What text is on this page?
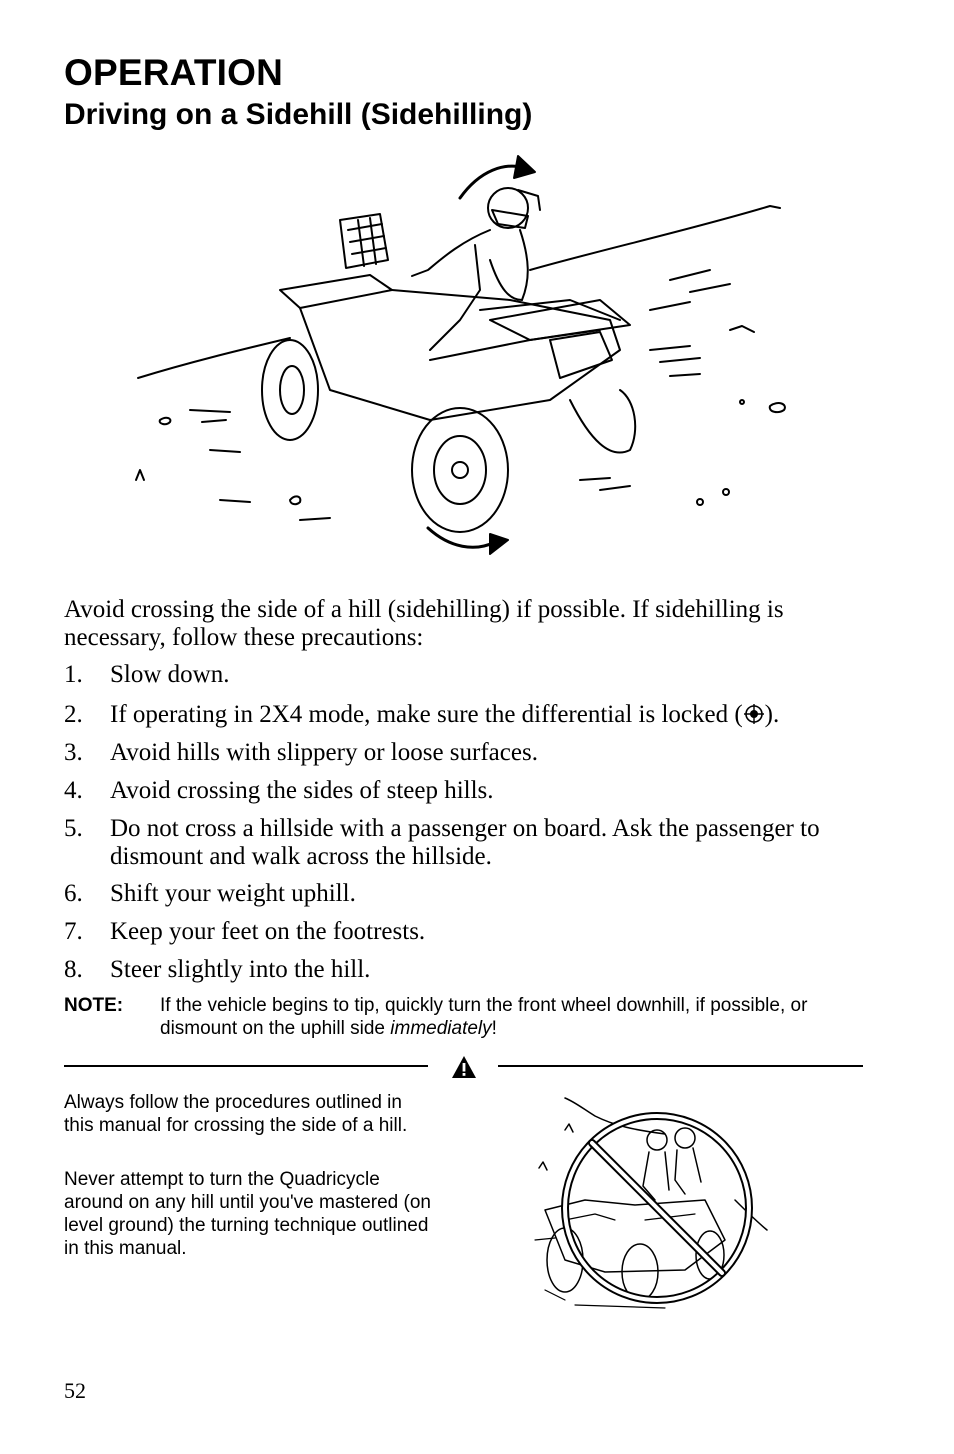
OPERATION
Driving on a Sidehill (Sidehilling)
Avoid crossing the side of a hill (sidehilling) if possible. If sidehilling is necessary, follow these precautions:
1. Slow down.
2. If operating in 2X4 mode, make sure the differential is locked ( ).
3. Avoid hills with slippery or loose surfaces.
4. Avoid crossing the sides of steep hills.
5. Do not cross a hillside with a passenger on board. Ask the passenger to dismount and walk across the hillside.
6. Shift your weight uphill.
7. Keep your feet on the footrests.
8. Steer slightly into the hill.
NOTE: If the vehicle begins to tip, quickly turn the front wheel downhill, if possible, or dismount on the uphill side immediately!
Always follow the procedures outlined in this manual for crossing the side of a hill.
Never attempt to turn the Quadricycle around on any hill until you've mastered (on level ground) the turning technique outlined in this manual.
52
